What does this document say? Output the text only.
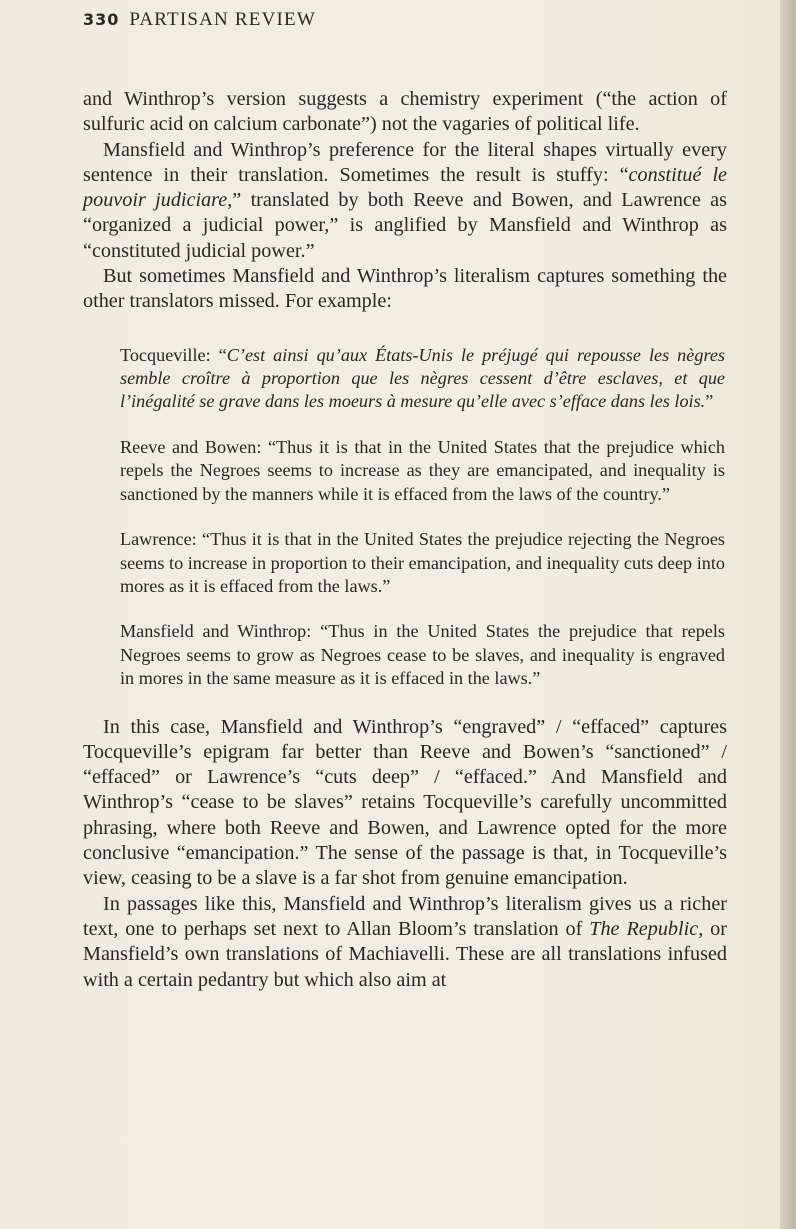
330 PARTISAN REVIEW

and Winthrop’s version suggests a chemistry experiment (“the action of sulfuric acid on calcium carbonate”) not the vagaries of political life.

Mansfield and Winthrop’s preference for the literal shapes virtually every sentence in their translation. Sometimes the result is stuffy: “constitué le pouvoir judiciare,” translated by both Reeve and Bowen, and Lawrence as “organized a judicial power,” is anglified by Mansfield and Winthrop as “constituted judicial power.”

But sometimes Mansfield and Winthrop’s literalism captures something the other translators missed. For example:

Tocqueville: “C’est ainsi qu’aux États-Unis le préjugé qui repousse les nègres semble croître à proportion que les nègres cessent d’être esclaves, et que l’inégalité se grave dans les moeurs à mesure qu’elle avec s’efface dans les lois.”

Reeve and Bowen: “Thus it is that in the United States that the prejudice which repels the Negroes seems to increase as they are emancipated, and inequality is sanctioned by the manners while it is effaced from the laws of the country.”

Lawrence: “Thus it is that in the United States the prejudice rejecting the Negroes seems to increase in proportion to their emancipation, and inequality cuts deep into mores as it is effaced from the laws.”

Mansfield and Winthrop: “Thus in the United States the prejudice that repels Negroes seems to grow as Negroes cease to be slaves, and inequality is engraved in mores in the same measure as it is effaced in the laws.”

In this case, Mansfield and Winthrop’s “engraved” / “effaced” captures Tocqueville’s epigram far better than Reeve and Bowen’s “sanctioned” / “effaced” or Lawrence’s “cuts deep” / “effaced.” And Mansfield and Winthrop’s “cease to be slaves” retains Tocqueville’s carefully uncommitted phrasing, where both Reeve and Bowen, and Lawrence opted for the more conclusive “emancipation.” The sense of the passage is that, in Tocqueville’s view, ceasing to be a slave is a far shot from genuine emancipation.

In passages like this, Mansfield and Winthrop’s literalism gives us a richer text, one to perhaps set next to Allan Bloom’s translation of The Republic, or Mansfield’s own translations of Machiavelli. These are all translations infused with a certain pedantry but which also aim at
